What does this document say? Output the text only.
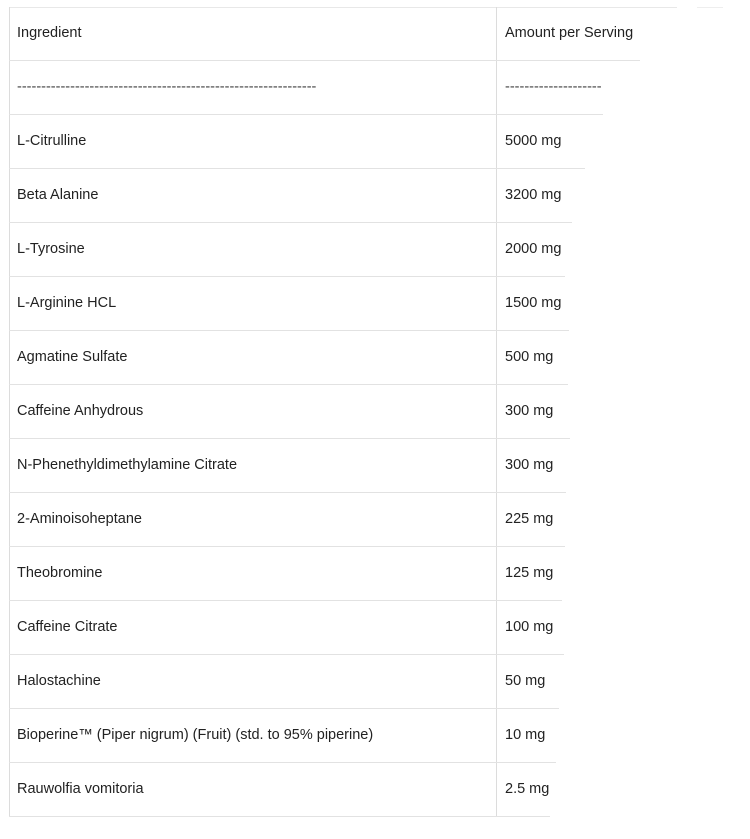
Ingredient	Amount per Serving
--------------------------------------------------------------	--------------------
L-Citrulline	5000 mg
Beta Alanine	3200 mg
L-Tyrosine	2000 mg
L-Arginine HCL	1500 mg
Agmatine Sulfate	500 mg
Caffeine Anhydrous	300 mg
N-Phenethyldimethylamine Citrate	300 mg
2-Aminoisoheptane	225 mg
Theobromine	125 mg
Caffeine Citrate	100 mg
Halostachine	50 mg
Bioperine™ (Piper nigrum) (Fruit) (std. to 95% piperine)	10 mg
Rauwolfia vomitoria	2.5 mg
